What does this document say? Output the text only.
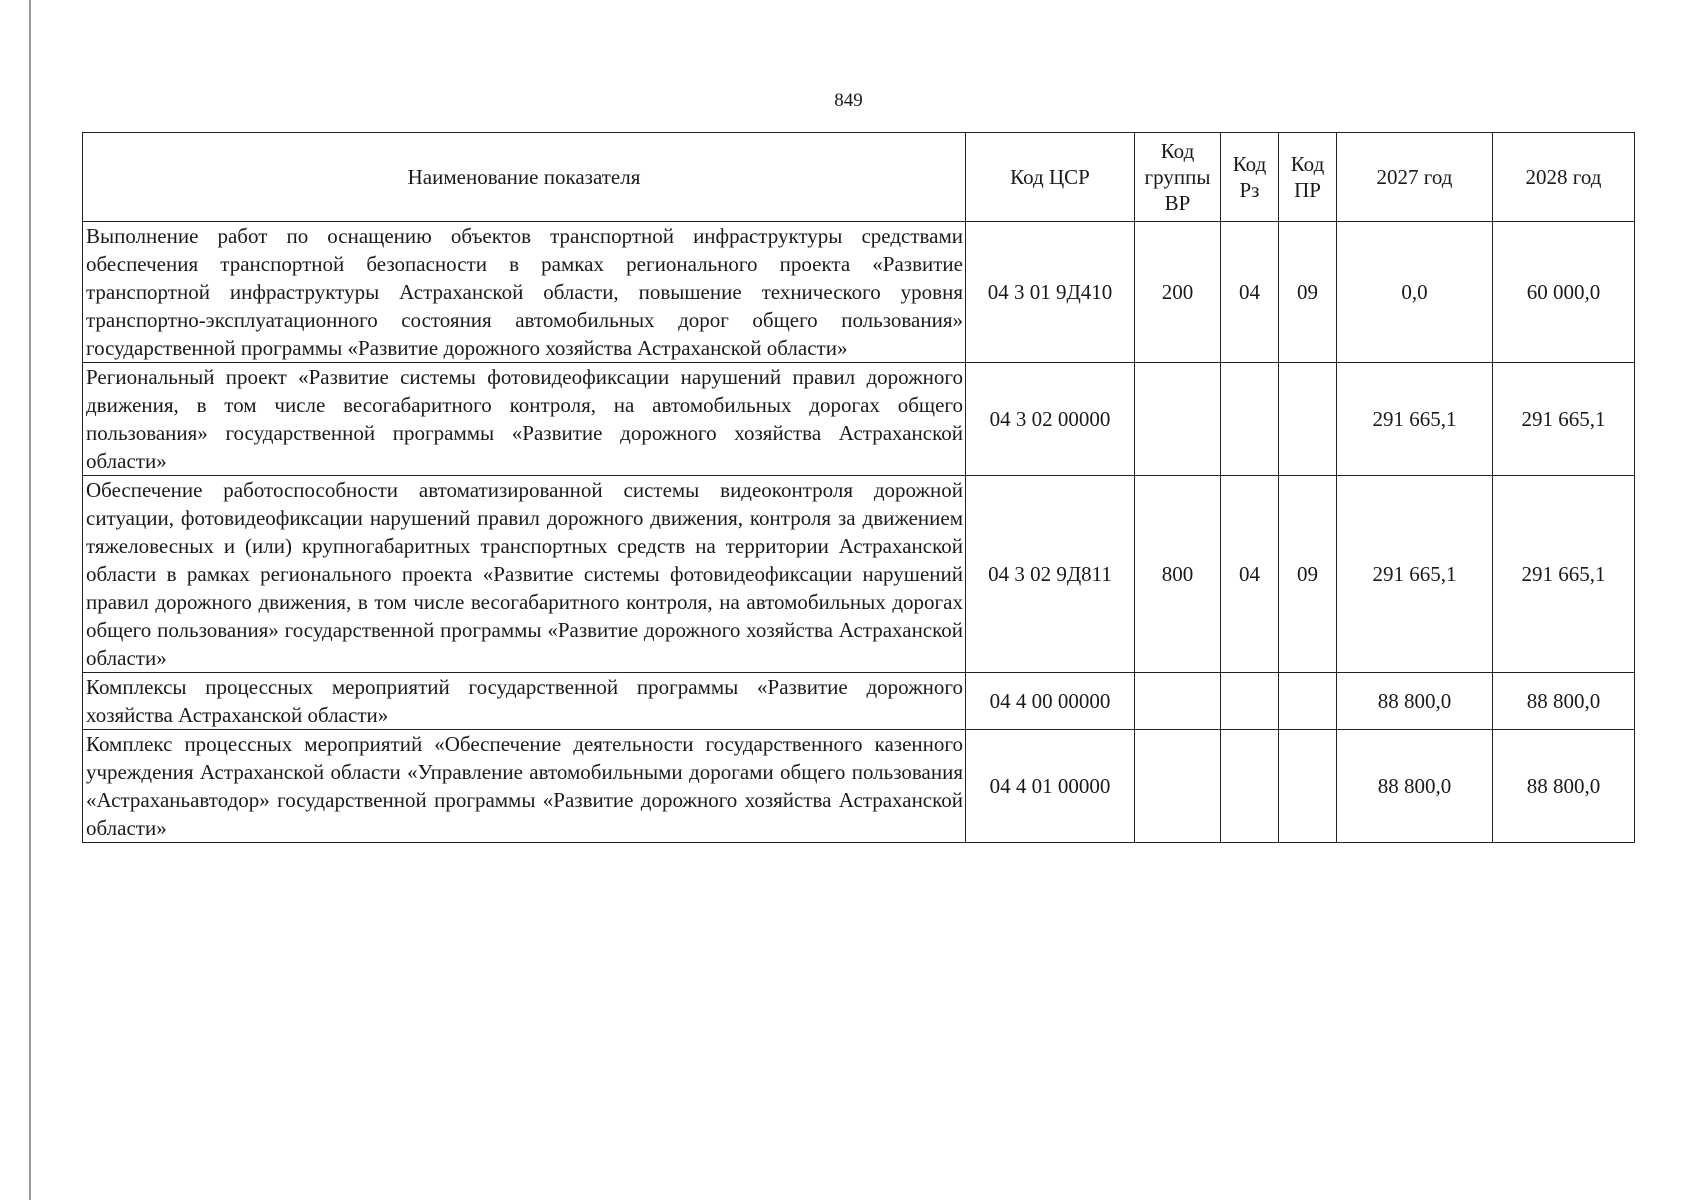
849
Наименование показателя	Код ЦСР	Код группы ВР	Код Рз	Код ПР	2027 год	2028 год
Выполнение работ по оснащению объектов транспортной инфраструктуры средствами обеспечения транспортной безопасности в рамках регионального проекта «Развитие транспортной инфраструктуры Астраханской области, повышение технического уровня транспортно-эксплуатационного состояния автомобильных дорог общего пользования» государственной программы «Развитие дорожного хозяйства Астраханской области»	04 3 01 9Д410	200	04	09	0,0	60 000,0
Региональный проект «Развитие системы фотовидеофиксации нарушений правил дорожного движения, в том числе весогабаритного контроля, на автомобильных дорогах общего пользования» государственной программы «Развитие дорожного хозяйства Астраханской области»	04 3 02 00000				291 665,1	291 665,1
Обеспечение работоспособности автоматизированной системы видеоконтроля дорожной ситуации, фотовидеофиксации нарушений правил дорожного движения, контроля за движением тяжеловесных и (или) крупногабаритных транспортных средств на территории Астраханской области в рамках регионального проекта «Развитие системы фотовидеофиксации нарушений правил дорожного движения, в том числе весогабаритного контроля, на автомобильных дорогах общего пользования» государственной программы «Развитие дорожного хозяйства Астраханской области»	04 3 02 9Д811	800	04	09	291 665,1	291 665,1
Комплексы процессных мероприятий государственной программы «Развитие дорожного хозяйства Астраханской области»	04 4 00 00000				88 800,0	88 800,0
Комплекс процессных мероприятий «Обеспечение деятельности государственного казенного учреждения Астраханской области «Управление автомобильными дорогами общего пользования «Астраханьавтодор» государственной программы «Развитие дорожного хозяйства Астраханской области»	04 4 01 00000				88 800,0	88 800,0
